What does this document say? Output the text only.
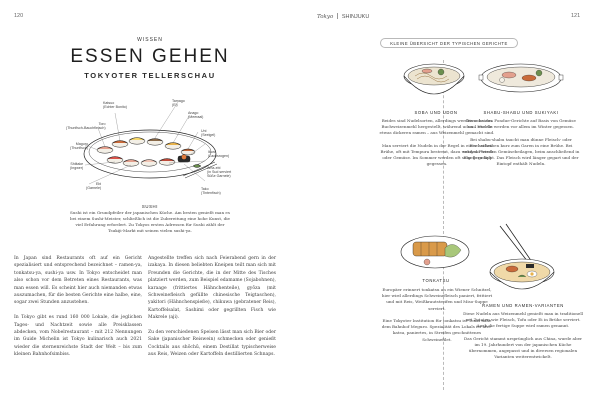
120
WISSEN
ESSEN GEHEN
TOKYOTER TELLERSCHAU
Katsuo
(Echter Bonito)
Tamago
(Ei)
Anago
(Meeraal)
Toro
(Thunfisch-Bauchfleisch)
Uni
(Seeigel)
Maguro
(Thunfisch)
Ikura
(Lachsrogen)
Shiitake
(Ingwer)	Ama-ebi
(in Sud serviert
Süße Garnele)
Ebi
(Garnele)	Tako
(Tintenfisch)
SUSHI
Sushi ist ein Grundpfeiler der japanischen Küche. Am besten genießt man es bei einem Sushi-Meister, schließlich ist die Zubereitung eine hohe Kunst, die viel Erfahrung erfordert. Zu Tokyos ersten Adressen für Sushi zählt der Tsukiji-Markt mit seinen vielen sushi-ya.
In Japan sind Restaurants oft auf ein Gericht spezialisiert und entsprechend bezeichnet – ramen-ya, tonkatsu-ya, sushi-ya usw. In Tokyo entscheidet man also schon vor dem Betreten eines Restaurants, was man essen will. Es scheint hier auch niemanden etwas auszumachen, für die besten Gerichte eine halbe, eine, sogar zwei Stunden anzustehen.

In Tokyo gibt es rund 160 000 Lokale, die jeglichen Tages- und Nachtzeit sowie alle Preisklassen abdecken, vom Nobelrestaurant – mit 212 Nennungen im Guide Michelin ist Tokyo kulinarisch auch 2021 wieder die sternenreichste Stadt der Welt – bis zum kleinen Bahnhofsimbiss.
Angestellte treffen sich nach Feierabend gern in der izakaya. In diesen beliebten Kneipen teilt man sich mit Freunden die Gerichte, die in der Mitte des Tisches platziert werden, zum Beispiel edamame (Sojabohnen), karaage (frittiertes Hähnchenteile), gyōza (mit Schweinefleisch gefüllte chinesische Teigtaschen), yakitori (Hähnchenspieße), chikuwa (gebratener Reis), Kartoffelsalat, Sashimi oder gegrillten Fisch wie Makrele (aji).

Zu den verschiedenen Speisen lässt man sich Bier oder Sake (japanischer Reiswein) schmecken oder genießt Cocktails aus shōchū, einem Destillat typischerweise aus Reis, Weizen oder Kartoffeln destillierten Schnaps.
Tokyo SHINJUKU	121
KLEINE ÜBERSICHT DER TYPISCHEN GERICHTE
SOBA UND UDON
Beides sind Nudelsorten, allerdings werden soba aus Buchweizenmehl hergestellt, während udon – wie die etwas dickeren ramen – aus Weizenmehl gemacht sind.

Man serviert die Nudeln in der Regel in einer heißen Brühe, oft mit Tempura bestreut, dazu werden Fleisch oder Gemüse. Im Sommer werden oft soba gern kalt gegessen.
SHABU-SHABU UND SUKIYAKI
Diese beiden Fondue-Gerichte auf Basis von Gemüse und Nudeln werden vor allem im Winter gegessen.

Bei shabu-shabu taucht man dünne Fleisch- oder Fischscheiben kurz zum Garen in eine Brühe. Bei sukiyaki werden Gemüsebeilagen, beim anschließend in Eigelb gedippt. Das Fleisch wird länger gegart und der Eintopf enthält Nudeln.
TONKATSU
Europäer erinnert tonkatsu an ein Wiener Schnitzel, hier wird allerdings Schweinefleisch paniert, frittiert und mit Reis, Weißkrautstreifen und Miso-Suppe serviert.

Eine Tokyoter Institution für tonkatsu ist Tonki nahe dem Bahnhof Meguro. Spezialität des Lokals ist hire-katsu, paniertes, in Streifen geschnittenes Schweinefilet.
RAMEN UND RAMEN-VARIANTEN
Diese Nudeln aus Weizenmehl genießt man in traditionell mit Zutaten wie Fleisch, Tofu oder Ei in Brühe serviert. Auch die fertige Suppe wird ramen genannt.

Das Gericht stammt ursprünglich aus China, wurde aber im 19. Jahrhundert von der japanischen Küche übernommen, angepasst und in diversen regionalen Varianten weiterentwickelt.
